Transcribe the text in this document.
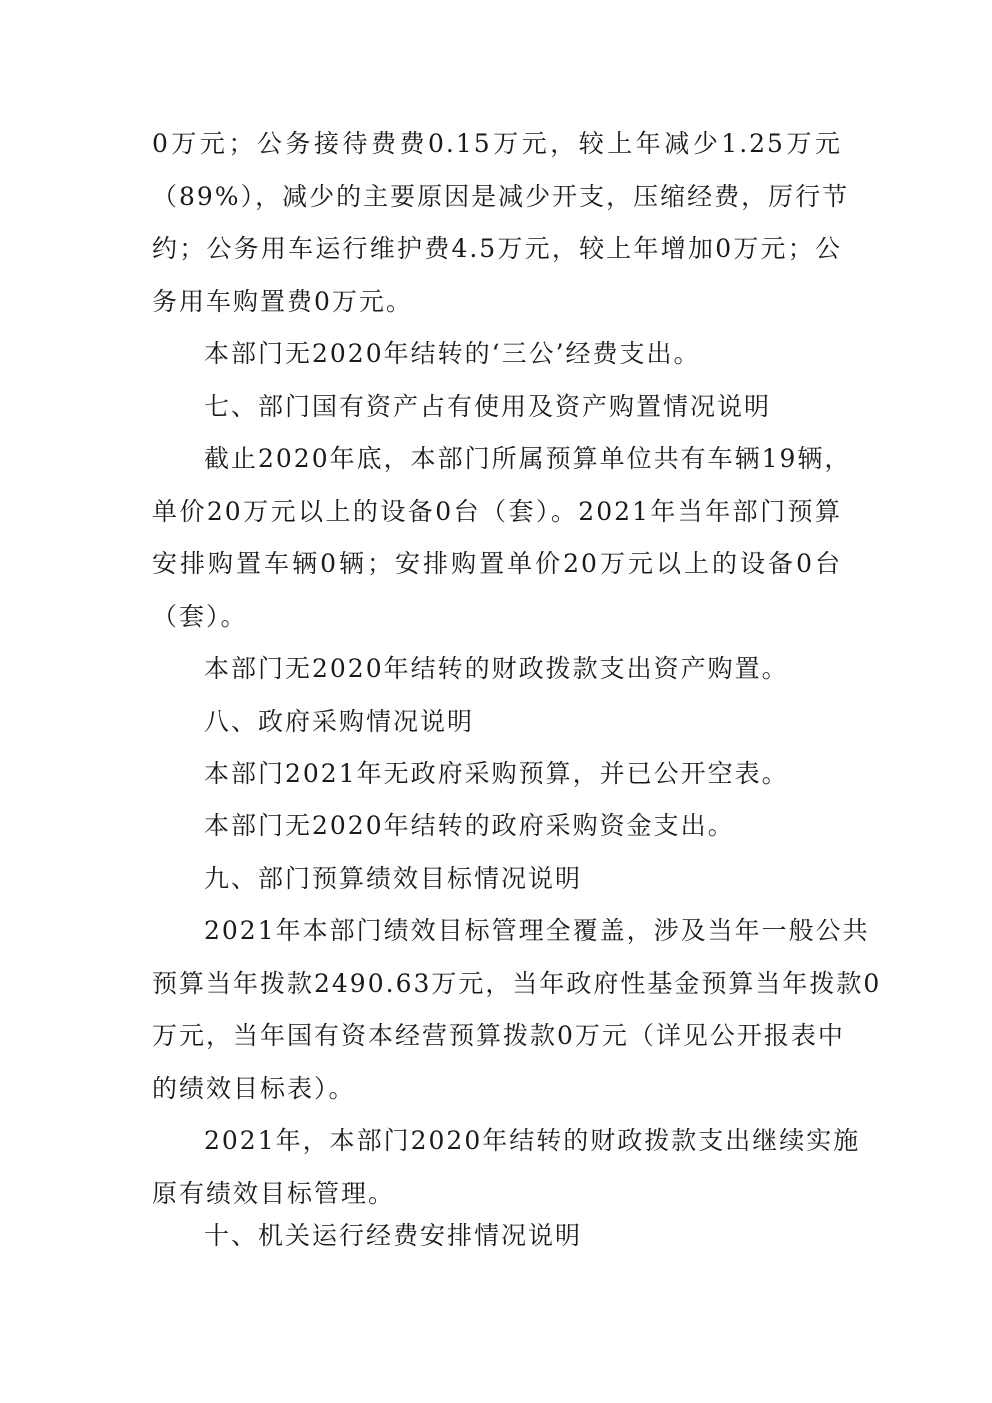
0万元；公务接待费费0.15万元，较上年减少1.25万元
（89%），减少的主要原因是减少开支，压缩经费，厉行节
约；公务用车运行维护费4.5万元，较上年增加0万元；公
务用车购置费0万元。
本部门无2020年结转的‘三公’经费支出。
七、部门国有资产占有使用及资产购置情况说明
截止2020年底，本部门所属预算单位共有车辆19辆，
单价20万元以上的设备0台（套）。2021年当年部门预算
安排购置车辆0辆；安排购置单价20万元以上的设备0台
（套）。
本部门无2020年结转的财政拨款支出资产购置。
八、政府采购情况说明
本部门2021年无政府采购预算，并已公开空表。
本部门无2020年结转的政府采购资金支出。
九、部门预算绩效目标情况说明
2021年本部门绩效目标管理全覆盖，涉及当年一般公共
预算当年拨款2490.63万元，当年政府性基金预算当年拨款0
万元，当年国有资本经营预算拨款0万元（详见公开报表中
的绩效目标表）。
2021年，本部门2020年结转的财政拨款支出继续实施
原有绩效目标管理。
十、机关运行经费安排情况说明
